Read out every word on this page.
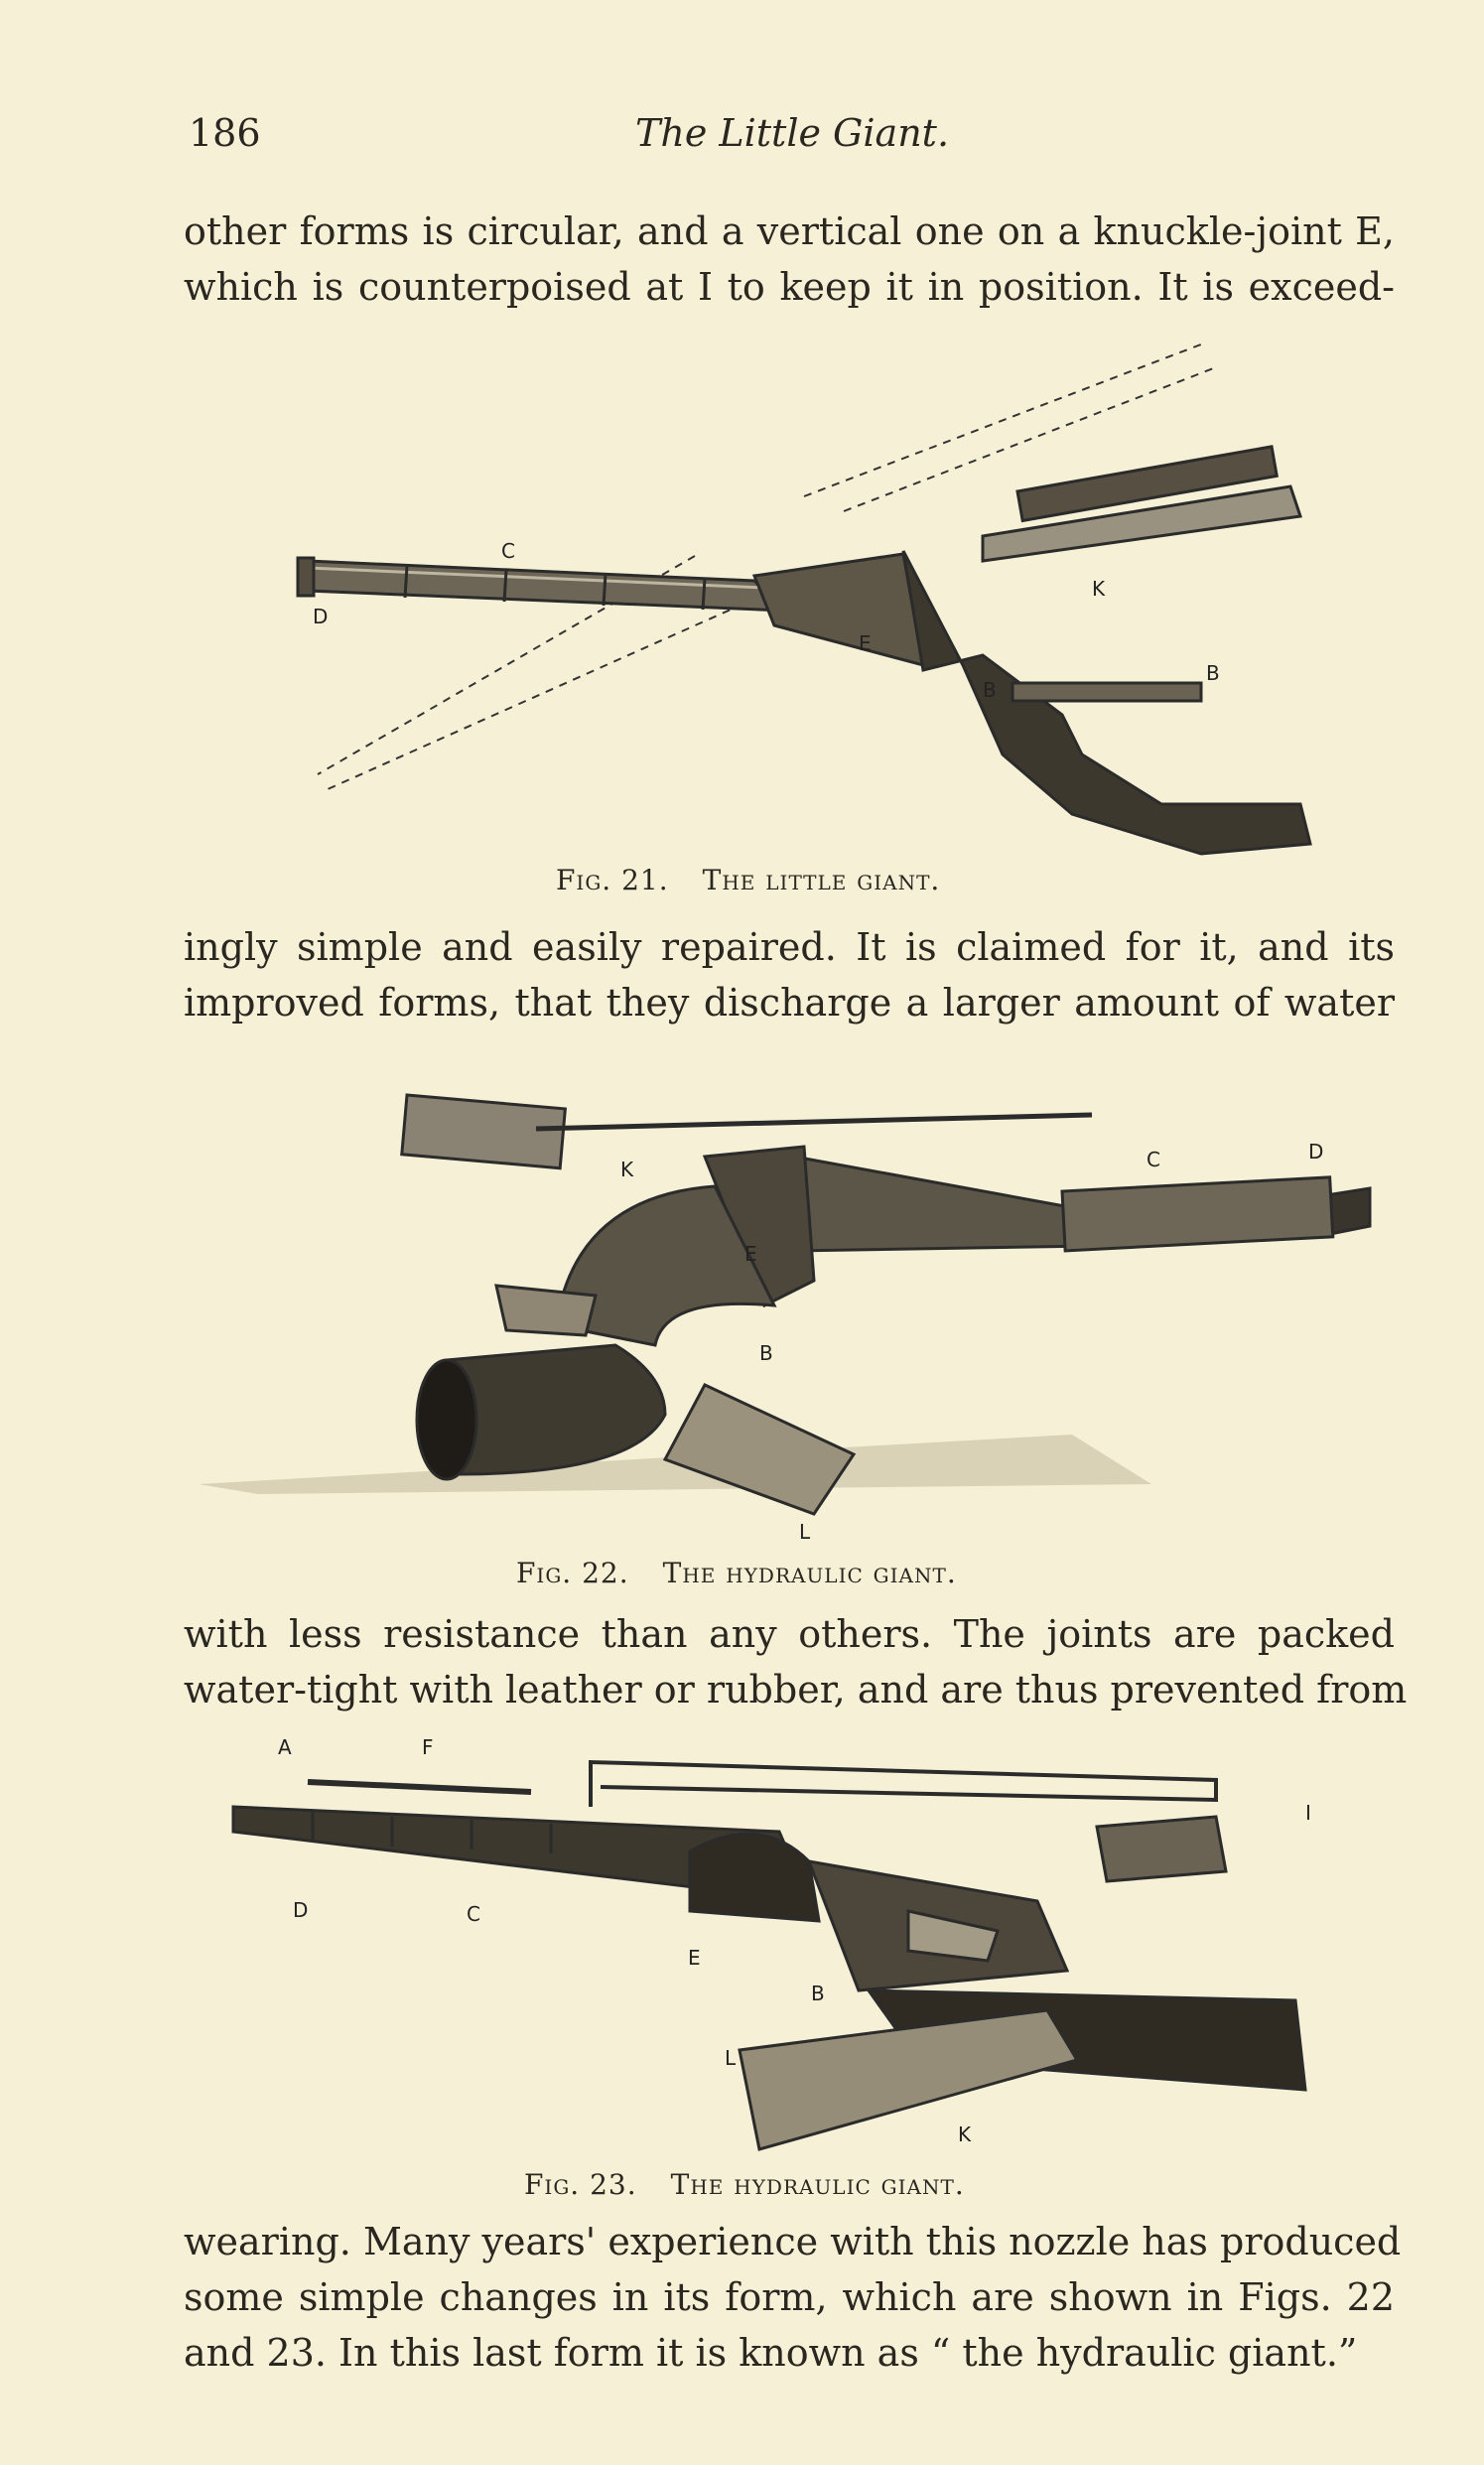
186	The Little Giant.
other forms is circular, and a vertical one on a knuckle-joint E,
which is counterpoised at I to keep it in position. It is exceed-
C
D
K
B
B
E
Fig. 21. The little giant.
ingly simple and easily repaired. It is claimed for it, and its
improved forms, that they discharge a larger amount of water
K	C	D
E
B
L
Fig. 22. The hydraulic giant.
with less resistance than any others. The joints are packed
water-tight with leather or rubber, and are thus prevented from
A	F
I
D	C
E
B
L
K
Fig. 23. The hydraulic giant.
wearing. Many years' experience with this nozzle has produced
some simple changes in its form, which are shown in Figs. 22
and 23. In this last form it is known as “ the hydraulic giant.”
